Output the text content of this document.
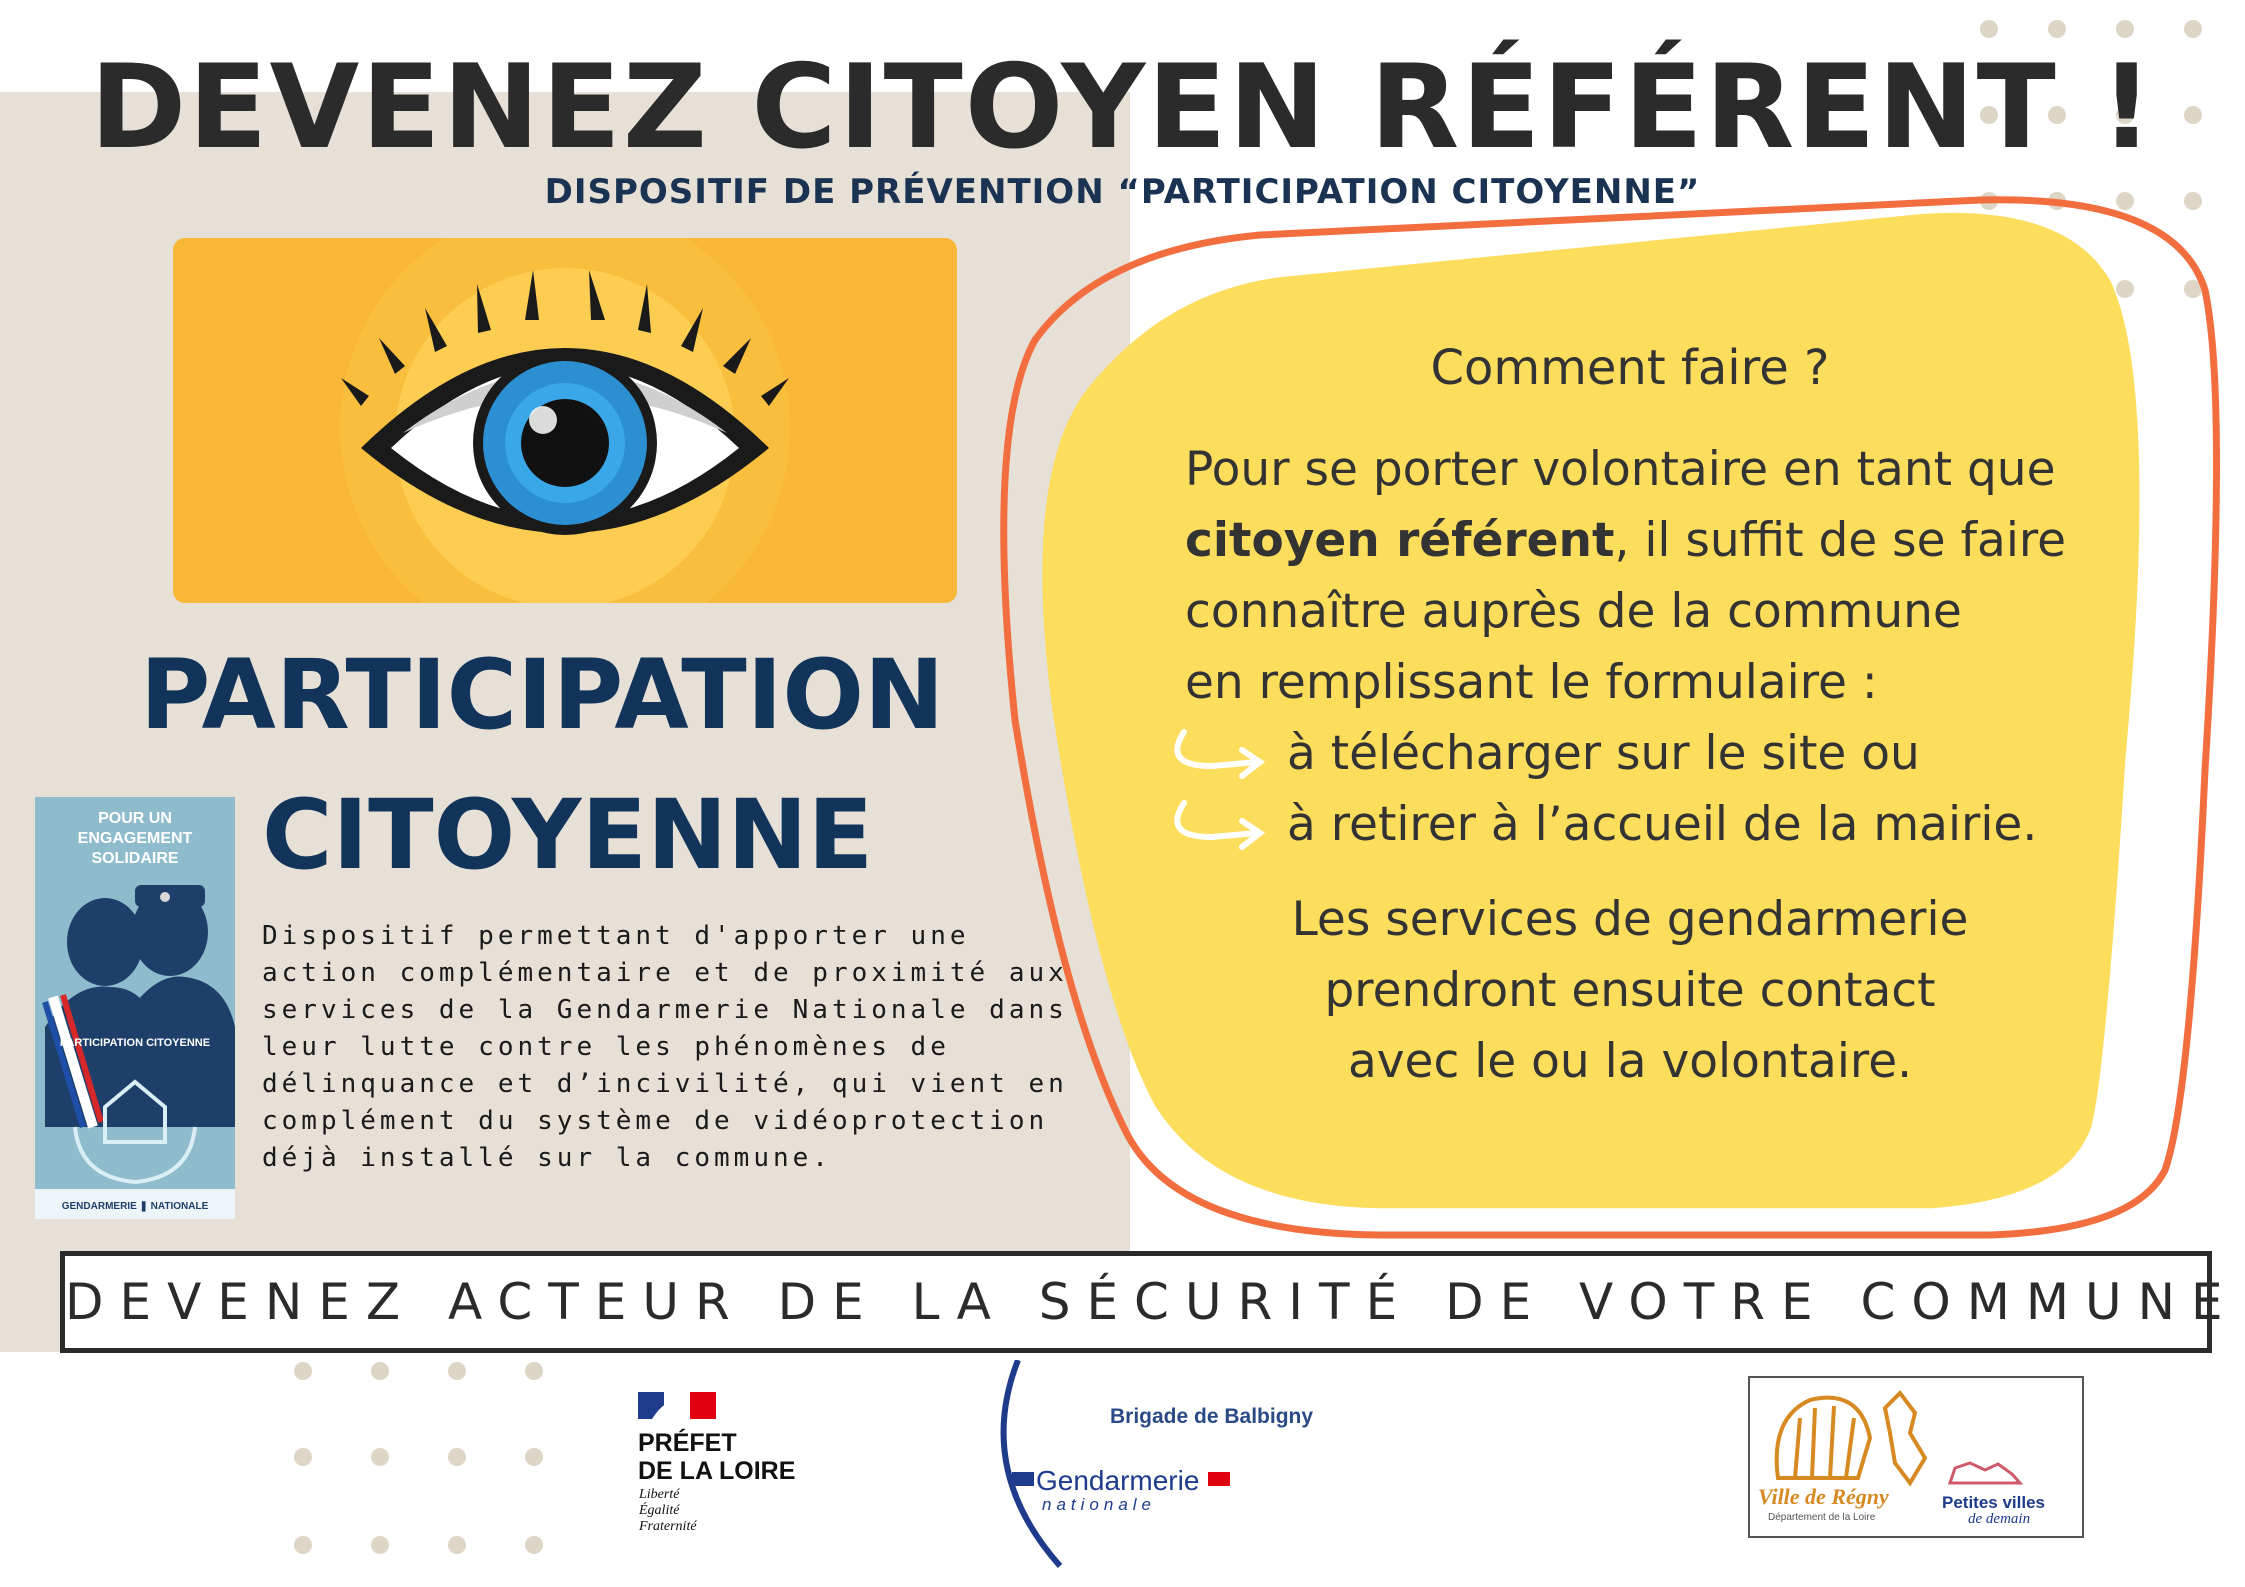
DEVENEZ CITOYEN RÉFÉRENT !
DISPOSITIF DE PRÉVENTION “PARTICIPATION CITOYENNE”
PARTICIPATION
CITOYENNE
POUR UN
ENGAGEMENT
SOLIDAIRE
PARTICIPATION CITOYENNE
GENDARMERIE ❚ NATIONALE
Dispositif permettant d'apporter une action complémentaire et de proximité aux services de la Gendarmerie Nationale dans leur lutte contre les phénomènes de délinquance et d’incivilité, qui vient en complément du système de vidéoprotection déjà installé sur la commune.
Comment faire ?
Pour se porter volontaire en tant que
citoyen référent, il suffit de se faire
connaître auprès de la commune
en remplissant le formulaire :
à télécharger sur le site ou
à retirer à l’accueil de la mairie.
Les services de gendarmerie
prendront ensuite contact
avec le ou la volontaire.
DEVENEZ ACTEUR DE LA SÉCURITÉ DE VOTRE COMMUNE
PRÉFET
DE LA LOIRE
Liberté
Égalité
Fraternité
Brigade de Balbigny
Gendarmerie
nationale	Ville de Régny
Département de la Loire
Petites villes
de demain
